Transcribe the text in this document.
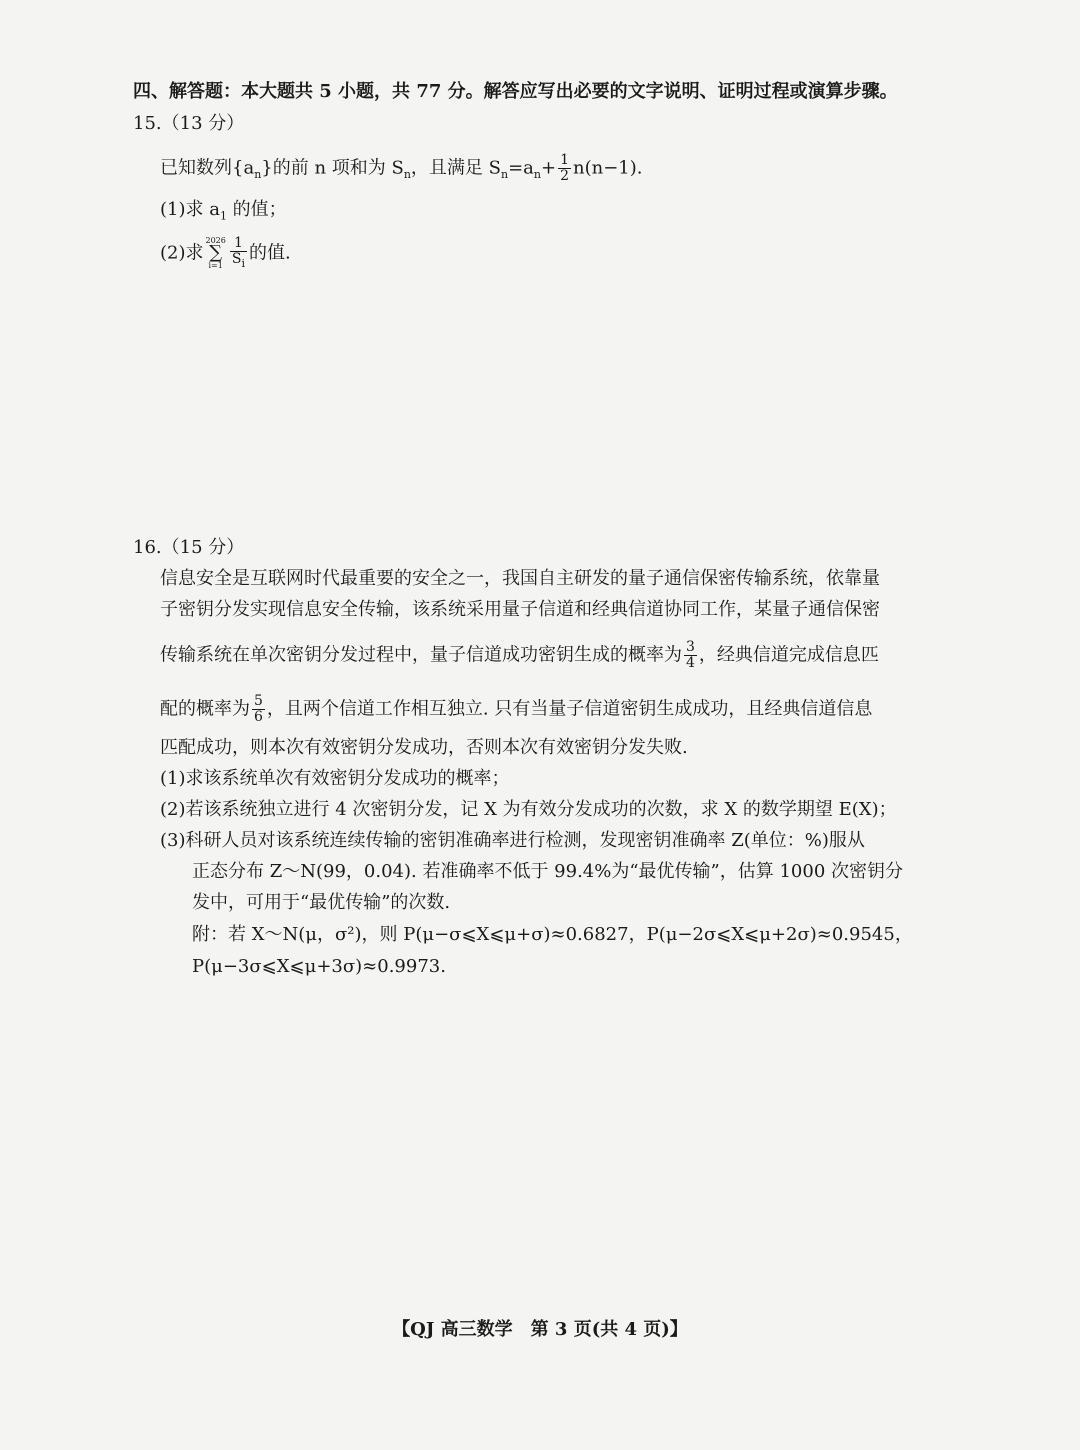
四、解答题：本大题共 5 小题，共 77 分。解答应写出必要的文字说明、证明过程或演算步骤。
15.（13 分）
已知数列$\{a_n\}$的前 n 项和为 $S_n$，且满足 $S_n=a_n+ \frac{1}{2} n(n-1)$.
(1)求 $a_1$ 的值；
(2)求
2026
∑
$i=1 \frac{1}{S_i}$ 的值.
16.（15 分）
信息安全是互联网时代最重要的安全之一，我国自主研发的量子通信保密传输系统，依靠量
子密钥分发实现信息安全传输，该系统采用量子信道和经典信道协同工作，某量子通信保密
传输系统在单次密钥分发过程中，量子信道成功密钥生成的概率为 $\frac{3}{4}$ ，经典信道完成信息匹
配的概率为 $\frac{5}{6}$ ，且两个信道工作相互独立. 只有当量子信道密钥生成成功，且经典信道信息
匹配成功，则本次有效密钥分发成功，否则本次有效密钥分发失败.
(1)求该系统单次有效密钥分发成功的概率；
(2)若该系统独立进行 4 次密钥分发，记 X 为有效分发成功的次数，求 X 的数学期望 E(X)；
(3)科研人员对该系统连续传输的密钥准确率进行检测，发现密钥准确率 Z(单位：%)服从
正态分布 Z～N(99，0.04). 若准确率不低于 99.4%为“最优传输”，估算 1000 次密钥分
发中，可用于“最优传输”的次数.
附：若 X～N(μ，σ²)，则 P(μ−σ⩽X⩽μ+σ)≈0.6827，P(μ−2σ⩽X⩽μ+2σ)≈0.9545，
P(μ−3σ⩽X⩽μ+3σ)≈0.9973.
【QJ 高三数学　第 3 页(共 4 页)】
